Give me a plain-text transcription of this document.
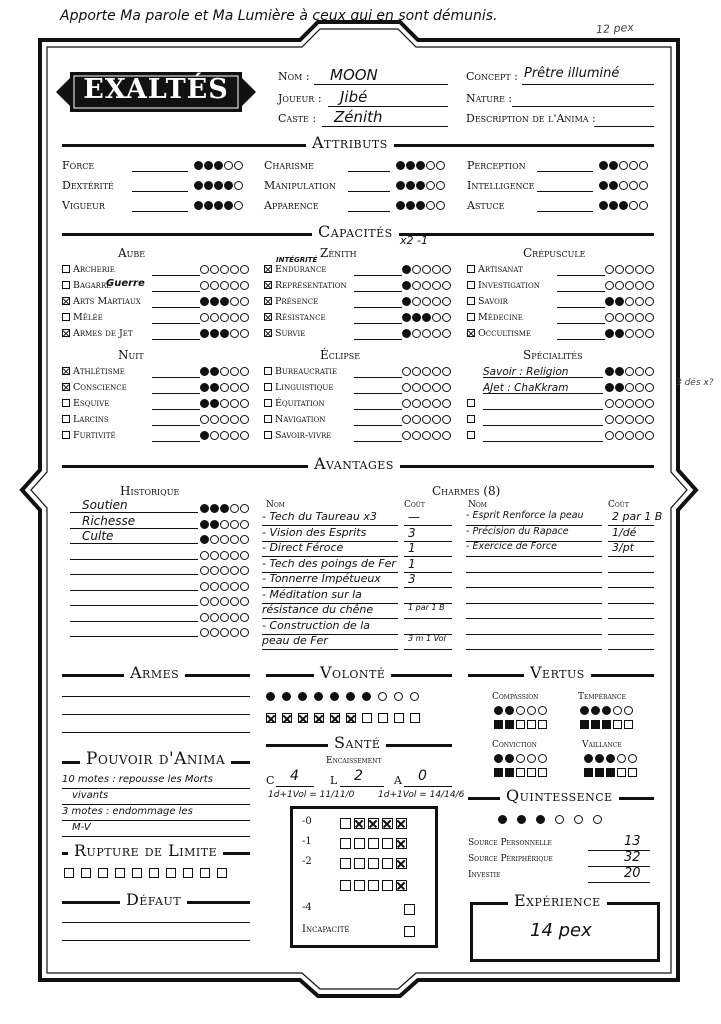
Apporte Ma parole et Ma Lumière à ceux qui en sont démunis.
12 pex
3 dés x?
EXALTÉS	Nom : MOON
Joueur : Jibé
Caste : Zénith
Concept : Prêtre illuminé
Nature :
Description de l'Anima :
Attributs
Force	Charisme	Perception
Dextérité	Manipulation	Intelligence
Vigueur	Apparence	Astuce
Capacités x2 -1
INTÉGRITÉ
Aube
Archerie
Bagarre
Guerre
Arts Martiaux
Mêlée
Armes de Jet
Zénith
Endurance
Représentation
Présence
Résistance
Survie
Crépuscule
Artisanat
Investigation
Savoir
Médecine
Occultisme
Nuit
Athlétisme
Conscience
Esquive
Larcins
Furtivité
Éclipse
Bureaucratie
Linguistique
Équitation
Navigation
Savoir-vivre
Spécialités
Savoir : Religion
AJet : ChaKkram
Avantages
Historique	Charmes (8)
Nom	Coût	Nom	Coût
Soutien
Richesse
Culte
- Tech du Taureau x3	—
- Vision des Esprits	3
- Direct Féroce	1
- Tech des poings de Fer 1
- Tonnerre Impétueux 3
- Méditation sur la
résistance du chêne	1 par 1 B
- Construction de la
peau de Fer	3 m 1 Vol
- Esprit Renforce la peau	2 par 1 B
- Précision du Rapace	1/dé
- Exercice de Force	3/pt
Armes	Volonté	Vertus
Compassion	Tempérance
Conviction	Vaillance
Santé
Encaissement
C 4	L 2	A 0
1d+1Vol = 11/11/0	1d+1Vol = 14/14/6
-0
-1
-2
-4
Incapacité
Pouvoir d'Anima
10 motes : repousse les Morts
vivants
3 motes : endommage les
M-V
Rupture de Limite
Défaut
Quintessence
Source Personnelle	13
Source Périphérique	32
Investie	20
Expérience
14 pex
